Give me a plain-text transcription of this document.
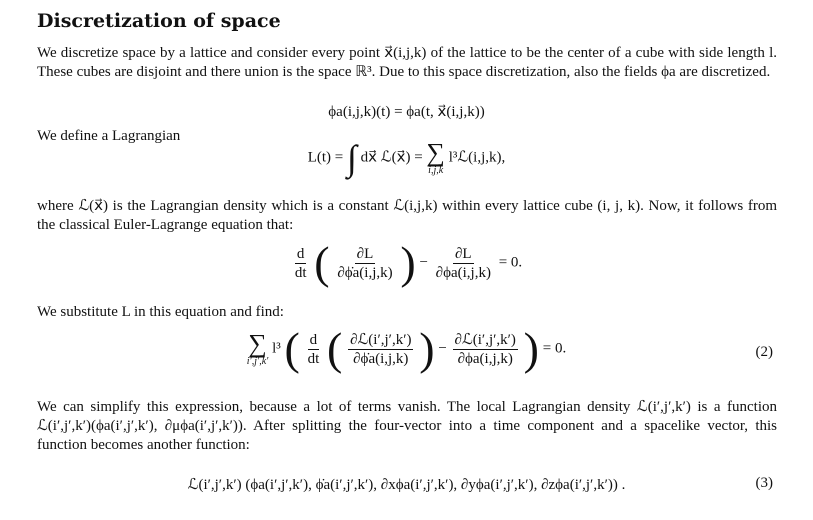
Discretization of space

We discretize space by a lattice and consider every point x⃗(i,j,k) of the lattice to be the center of a cube with side length l. These cubes are disjoint and there union is the space ℝ³. Due to this space discretization, also the fields ϕa are discretized.

ϕa(i,j,k)(t) = ϕa(t, x⃗(i,j,k))

We define a Lagrangian

L(t) = ∫ dx⃗ ℒ(x⃗) = ∑
i,j,k
l³ℒ(i,j,k),

where ℒ(x⃗) is the Lagrangian density which is a constant ℒ(i,j,k) within every lattice cube (i, j, k). Now, it follows from the classical Euler-Lagrange equation that:

$\frac{d}{dt}$ ( $\frac{\partial L}{\partial\phi̇a(i,j,k)}$ ) − $\frac{\partial L}{\partial\phi a(i,j,k)} = 0$.

We substitute L in this equation and find:

∑
i′,j′,k′
l³ ( $\frac{d}{dt}$ ( $\frac{\text{∂ℒ(i′,j′,k′)}}{\partial\phi̇a(i,j,k)}$ ) − $\frac{\text{∂ℒ(i′,j′,k′)}}{\partial\phi a(i,j,k)}$ ) = 0.	(2)

We can simplify this expression, because a lot of terms vanish. The local Lagrangian density ℒ(i′,j′,k′) is a function ℒ(i′,j′,k′)(ϕa(i′,j′,k′), ∂μϕa(i′,j′,k′)). After splitting the four-vector into a time component and a spacelike vector, this function becomes another function:

ℒ(i′,j′,k′) (ϕa(i′,j′,k′), ϕ̇a(i′,j′,k′), ∂xϕa(i′,j′,k′), ∂yϕa(i′,j′,k′), ∂zϕa(i′,j′,k′)) .	(3)
